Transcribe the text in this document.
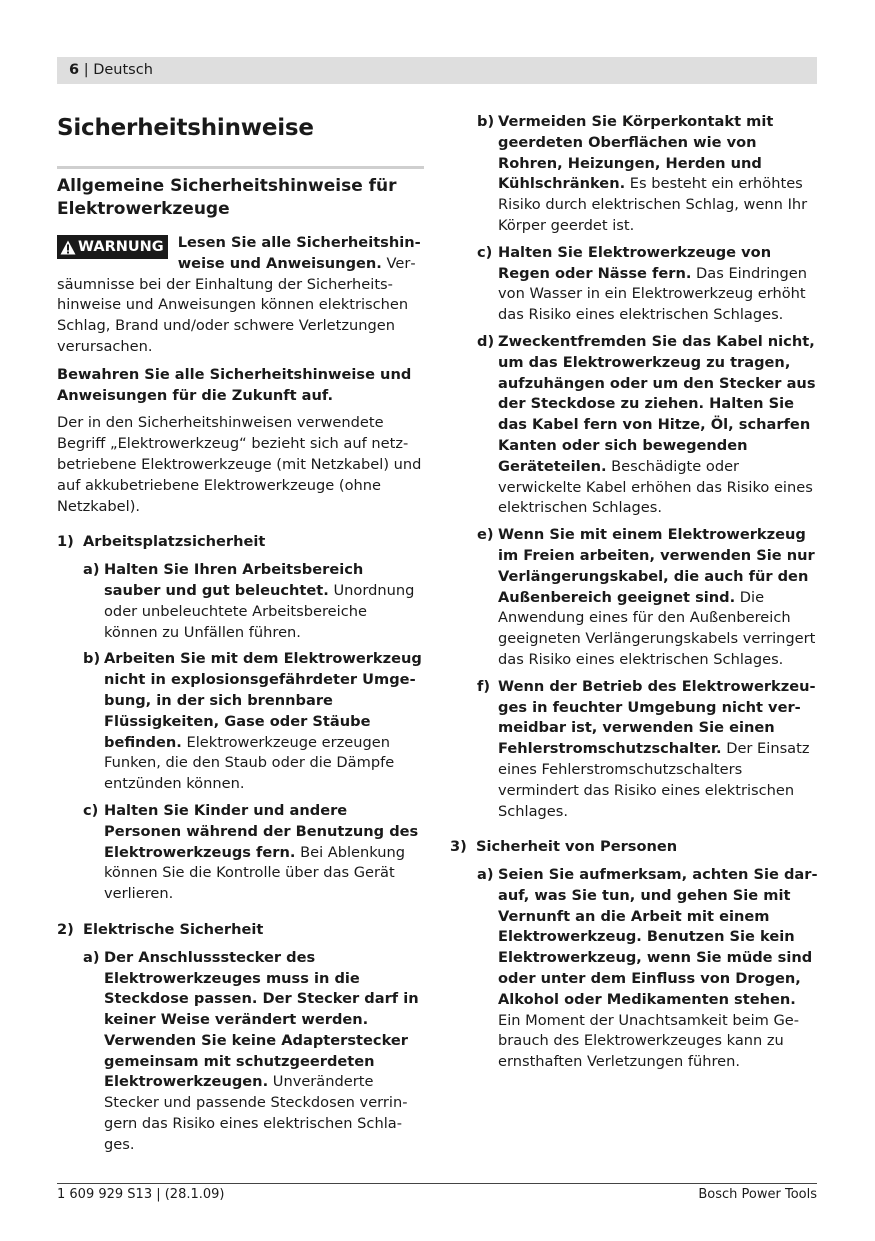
6 | Deutsch
Sicherheitshinweise
Allgemeine Sicherheitshinweise für Elektrowerkzeuge

WARNUNG Lesen Sie alle Sicherheitshinweise und Anweisungen. Versäumnisse bei der Einhaltung der Sicherheitshinweise und Anweisungen können elektrischen Schlag, Brand und/oder schwere Verletzungen verursachen.

Bewahren Sie alle Sicherheitshinweise und Anweisungen für die Zukunft auf.

Der in den Sicherheitshinweisen verwendete Begriff „Elektrowerkzeug“ bezieht sich auf netzbetriebene Elektrowerkzeuge (mit Netzkabel) und auf akkubetriebene Elektrowerkzeuge (ohne Netzkabel).

1) Arbeitsplatzsicherheit
a) Halten Sie Ihren Arbeitsbereich sauber und gut beleuchtet. Unordnung oder unbeleuchtete Arbeitsbereiche können zu Unfällen führen.
b) Arbeiten Sie mit dem Elektrowerkzeug nicht in explosionsgefährdeter Umgebung, in der sich brennbare Flüssigkeiten, Gase oder Stäube befinden. Elektrowerkzeuge erzeugen Funken, die den Staub oder die Dämpfe entzünden können.
c) Halten Sie Kinder und andere Personen während der Benutzung des Elektrowerkzeugs fern. Bei Ablenkung können Sie die Kontrolle über das Gerät verlieren.
2) Elektrische Sicherheit
a) Der Anschlussstecker des Elektrowerkzeuges muss in die Steckdose passen. Der Stecker darf in keiner Weise verändert werden. Verwenden Sie keine Adapterstecker gemeinsam mit schutzgeerdeten Elektrowerkzeugen. Unveränderte Stecker und passende Steckdosen verringern das Risiko eines elektrischen Schlages.
b) Vermeiden Sie Körperkontakt mit geerdeten Oberflächen wie von Rohren, Heizungen, Herden und Kühlschränken. Es besteht ein erhöhtes Risiko durch elektrischen Schlag, wenn Ihr Körper geerdet ist.
c) Halten Sie Elektrowerkzeuge von Regen oder Nässe fern. Das Eindringen von Wasser in ein Elektrowerkzeug erhöht das Risiko eines elektrischen Schlages.
d) Zweckentfremden Sie das Kabel nicht, um das Elektrowerkzeug zu tragen, aufzuhängen oder um den Stecker aus der Steckdose zu ziehen. Halten Sie das Kabel fern von Hitze, Öl, scharfen Kanten oder sich bewegenden Geräteteilen. Beschädigte oder verwickelte Kabel erhöhen das Risiko eines elektrischen Schlages.
e) Wenn Sie mit einem Elektrowerkzeug im Freien arbeiten, verwenden Sie nur Verlängerungskabel, die auch für den Außenbereich geeignet sind. Die Anwendung eines für den Außenbereich geeigneten Verlängerungskabels verringert das Risiko eines elektrischen Schlages.
f) Wenn der Betrieb des Elektrowerkzeuges in feuchter Umgebung nicht vermeidbar ist, verwenden Sie einen Fehlerstromschutzschalter. Der Einsatz eines Fehlerstromschutzschalters vermindert das Risiko eines elektrischen Schlages.
3) Sicherheit von Personen
a) Seien Sie aufmerksam, achten Sie darauf, was Sie tun, und gehen Sie mit Vernunft an die Arbeit mit einem Elektrowerkzeug. Benutzen Sie kein Elektrowerkzeug, wenn Sie müde sind oder unter dem Einfluss von Drogen, Alkohol oder Medikamenten stehen. Ein Moment der Unachtsamkeit beim Gebrauch des Elektrowerkzeuges kann zu ernsthaften Verletzungen führen.
1 609 929 S13 | (28.1.09)	Bosch Power Tools
